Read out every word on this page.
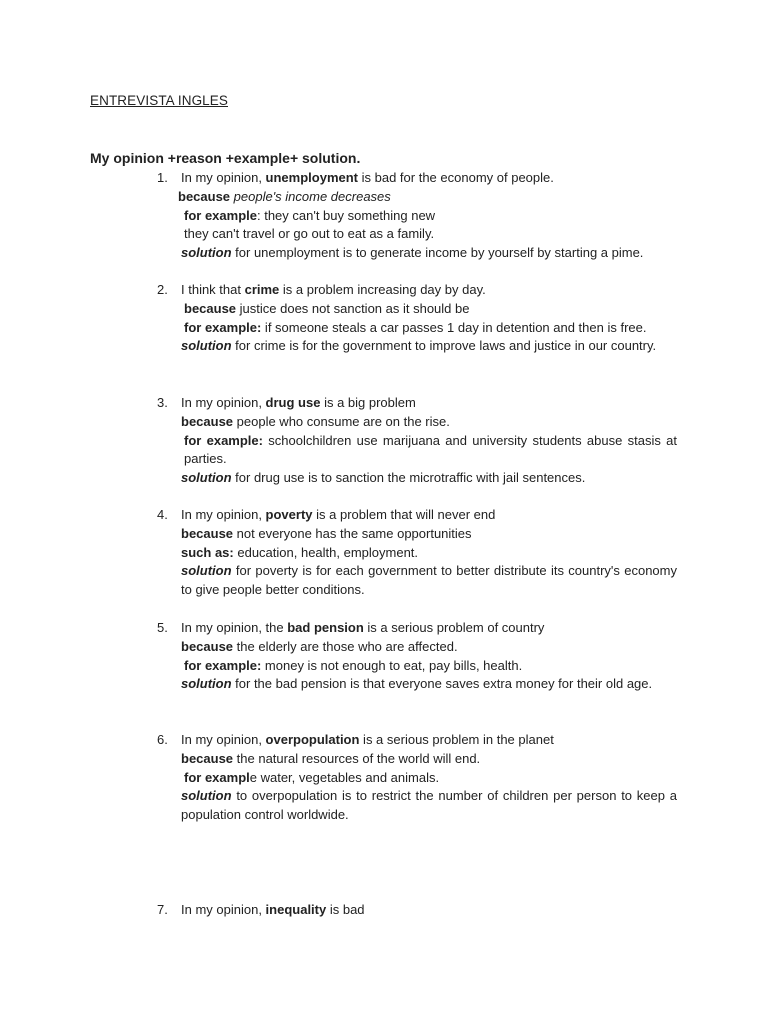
ENTREVISTA INGLES
My opinion +reason +example+ solution.
1. In my opinion, unemployment is bad for the economy of people.

because people's income decreases

for example: they can't buy something new

they can't travel or go out to eat as a family.

solution for unemployment is to generate income by yourself by starting a pime.

2. I think that crime is a problem increasing day by day.

because justice does not sanction as it should be

for example: if someone steals a car passes 1 day in detention and then is free.

solution for crime is for the government to improve laws and justice in our country.

3. In my opinion, drug use is a big problem

because people who consume are on the rise.

for example: schoolchildren use marijuana and university students abuse stasis at parties.

solution for drug use is to sanction the microtraffic with jail sentences.

4. In my opinion, poverty is a problem that will never end

because not everyone has the same opportunities

such as: education, health, employment.

solution for poverty is for each government to better distribute its country's economy to give people better conditions.

5. In my opinion, the bad pension is a serious problem of country

because the elderly are those who are affected.

for example: money is not enough to eat, pay bills, health.

solution for the bad pension is that everyone saves extra money for their old age.

6. In my opinion, overpopulation is a serious problem in the planet

because the natural resources of the world will end.

for example water, vegetables and animals.

solution to overpopulation is to restrict the number of children per person to keep a population control worldwide.

7. In my opinion, inequality is bad
